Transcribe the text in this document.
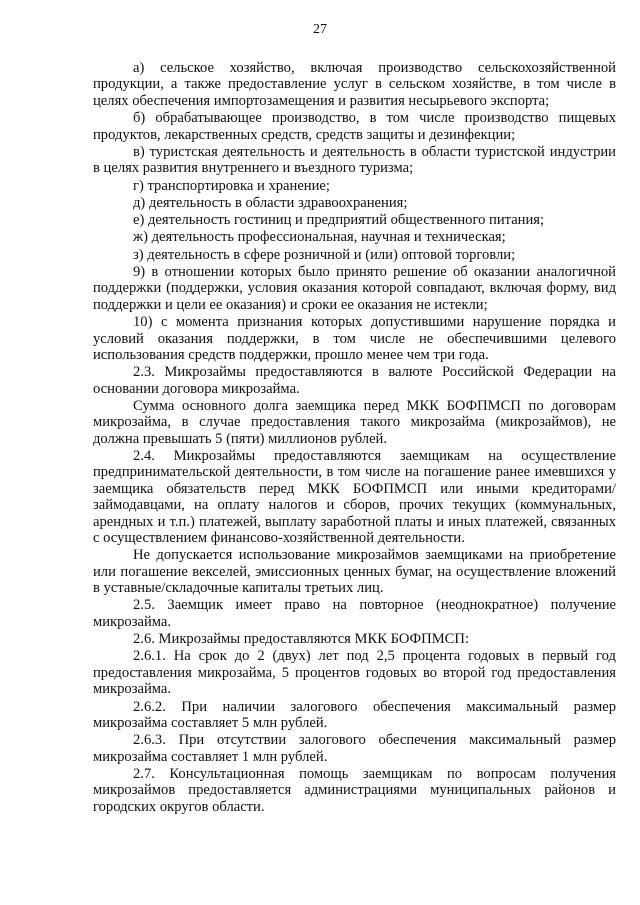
27

а) сельское хозяйство, включая производство сельскохозяйственной продукции, а также предоставление услуг в сельском хозяйстве, в том числе в целях обеспечения импортозамещения и развития несырьевого экспорта;

б) обрабатывающее производство, в том числе производство пищевых продуктов, лекарственных средств, средств защиты и дезинфекции;

в) туристская деятельность и деятельность в области туристской индустрии в целях развития внутреннего и въездного туризма;

г) транспортировка и хранение;

д) деятельность в области здравоохранения;

е) деятельность гостиниц и предприятий общественного питания;

ж) деятельность профессиональная, научная и техническая;

з) деятельность в сфере розничной и (или) оптовой торговли;

9) в отношении которых было принято решение об оказании аналогичной поддержки (поддержки, условия оказания которой совпадают, включая форму, вид поддержки и цели ее оказания) и сроки ее оказания не истекли;

10) с момента признания которых допустившими нарушение порядка и условий оказания поддержки, в том числе не обеспечившими целевого использования средств поддержки, прошло менее чем три года.

2.3. Микрозаймы предоставляются в валюте Российской Федерации на основании договора микрозайма.

Сумма основного долга заемщика перед МКК БОФПМСП по договорам микрозайма, в случае предоставления такого микрозайма (микрозаймов), не должна превышать 5 (пяти) миллионов рублей.

2.4. Микрозаймы предоставляются заемщикам на осуществление предпринимательской деятельности, в том числе на погашение ранее имевшихся у заемщика обязательств перед МКК БОФПМСП или иными кредиторами/займодавцами, на оплату налогов и сборов, прочих текущих (коммунальных, арендных и т.п.) платежей, выплату заработной платы и иных платежей, связанных с осуществлением финансово-хозяйственной деятельности.

Не допускается использование микрозаймов заемщиками на приобретение или погашение векселей, эмиссионных ценных бумаг, на осуществление вложений в уставные/складочные капиталы третьих лиц.

2.5. Заемщик имеет право на повторное (неоднократное) получение микрозайма.

2.6. Микрозаймы предоставляются МКК БОФПМСП:

2.6.1. На срок до 2 (двух) лет под 2,5 процента годовых в первый год предоставления микрозайма, 5 процентов годовых во второй год предоставления микрозайма.

2.6.2. При наличии залогового обеспечения максимальный размер микрозайма составляет 5 млн рублей.

2.6.3. При отсутствии залогового обеспечения максимальный размер микрозайма составляет 1 млн рублей.

2.7. Консультационная помощь заемщикам по вопросам получения микрозаймов предоставляется администрациями муниципальных районов и городских округов области.
